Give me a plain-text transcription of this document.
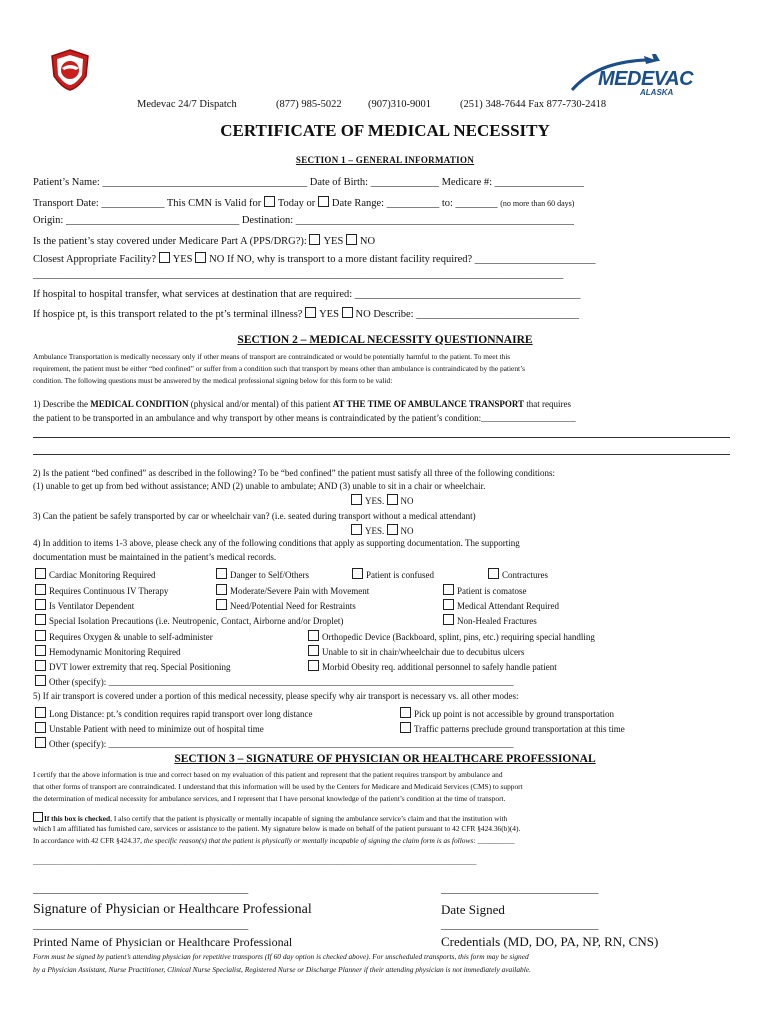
MEDEVAC
ALASKA
Medevac 24/7 Dispatch	(877) 985-5022	(907)310-9001	(251) 348-7644 Fax 877-730-2418
CERTIFICATE OF MEDICAL NECESSITY
SECTION 1 – GENERAL INFORMATION
Patient’s Name: _______________________________________ Date of Birth: _____________ Medicare #: _________________
Transport Date: ____________ This CMN is Valid for Today or Date Range: __________ to: ________ (no more than 60 days)
Origin: _________________________________ Destination: _____________________________________________________
Is the patient’s stay covered under Medicare Part A (PPS/DRG?): YES NO
Closest Appropriate Facility? YES NO If NO, why is transport to a more distant facility required? _______________________
_____________________________________________________________________________________________________
If hospital to hospital transfer, what services at destination that are required: ___________________________________________
If hospice pt, is this transport related to the pt’s terminal illness? YES NO Describe: _______________________________
SECTION 2 – MEDICAL NECESSITY QUESTIONNAIRE
Ambulance Transportation is medically necessary only if other means of transport are contraindicated or would be potentially harmful to the patient. To meet this
requirement, the patient must be either “bed confined” or suffer from a condition such that transport by means other than ambulance is contraindicated by the patient’s
condition. The following questions must be answered by the medical professional signing below for this form to be valid:
1) Describe the MEDICAL CONDITION (physical and/or mental) of this patient AT THE TIME OF AMBULANCE TRANSPORT that requires
the patient to be transported in an ambulance and why transport by other means is contraindicated by the patient’s condition:_____________________
2) Is the patient “bed confined” as described in the following? To be “bed confined” the patient must satisfy all three of the following conditions:
(1) unable to get up from bed without assistance; AND (2) unable to ambulate; AND (3) unable to sit in a chair or wheelchair.
YES. NO
3) Can the patient be safely transported by car or wheelchair van? (i.e. seated during transport without a medical attendant)
YES. NO
4) In addition to items 1-3 above, please check any of the following conditions that apply as supporting documentation. The supporting
documentation must be maintained in the patient’s medical records.
Cardiac Monitoring Required	Danger to Self/Others	Patient is confused	Contractures
Requires Continuous IV Therapy	Moderate/Severe Pain with Movement	Patient is comatose
Is Ventilator Dependent	Need/Potential Need for Restraints	Medical Attendant Required
Special Isolation Precautions (i.e. Neutropenic, Contact, Airborne and/or Droplet)	Non-Healed Fractures
Requires Oxygen & unable to self-administer	Orthopedic Device (Backboard, splint, pins, etc.) requiring special handling
Hemodynamic Monitoring Required	Unable to sit in chair/wheelchair due to decubitus ulcers
DVT lower extremity that req. Special Positioning	Morbid Obesity req. additional personnel to safely handle patient
Other (specify): __________________________________________________________________________________________
5) If air transport is covered under a portion of this medical necessity, please specify why air transport is necessary vs. all other modes:
Long Distance: pt.’s condition requires rapid transport over long distance	Pick up point is not accessible by ground transportation
Unstable Patient with need to minimize out of hospital time	Traffic patterns preclude ground transportation at this time
Other (specify): __________________________________________________________________________________________
SECTION 3 – SIGNATURE OF PHYSICIAN OR HEALTHCARE PROFESSIONAL
I certify that the above information is true and correct based on my evaluation of this patient and represent that the patient requires transport by ambulance and
that other forms of transport are contraindicated. I understand that this information will be used by the Centers for Medicare and Medicaid Services (CMS) to support
the determination of medical necessity for ambulance services, and I represent that I have personal knowledge of the patient’s condition at the time of transport.
If this box is checked, I also certify that the patient is physically or mentally incapable of signing the ambulance service’s claim and that the institution with
which I am affiliated has furnished care, services or assistance to the patient. My signature below is made on behalf of the patient pursuant to 42 CFR §424.36(b)(4).
In accordance with 42 CFR §424.37, the specific reason(s) that the patient is physically or mentally incapable of signing the claim form is as follows: __________
________________________________________________________________________________________________________________________
_________________________________________
Signature of Physician or Healthcare Professional
______________________________
Date Signed
_________________________________________
Printed Name of Physician or Healthcare Professional
______________________________
Credentials (MD, DO, PA, NP, RN, CNS)
Form must be signed by patient’s attending physician for repetitive transports (If 60 day option is checked above). For unscheduled transports, this form may be signed
by a Physician Assistant, Nurse Practitioner, Clinical Nurse Specialist, Registered Nurse or Discharge Planner if their attending physician is not immediately available.
